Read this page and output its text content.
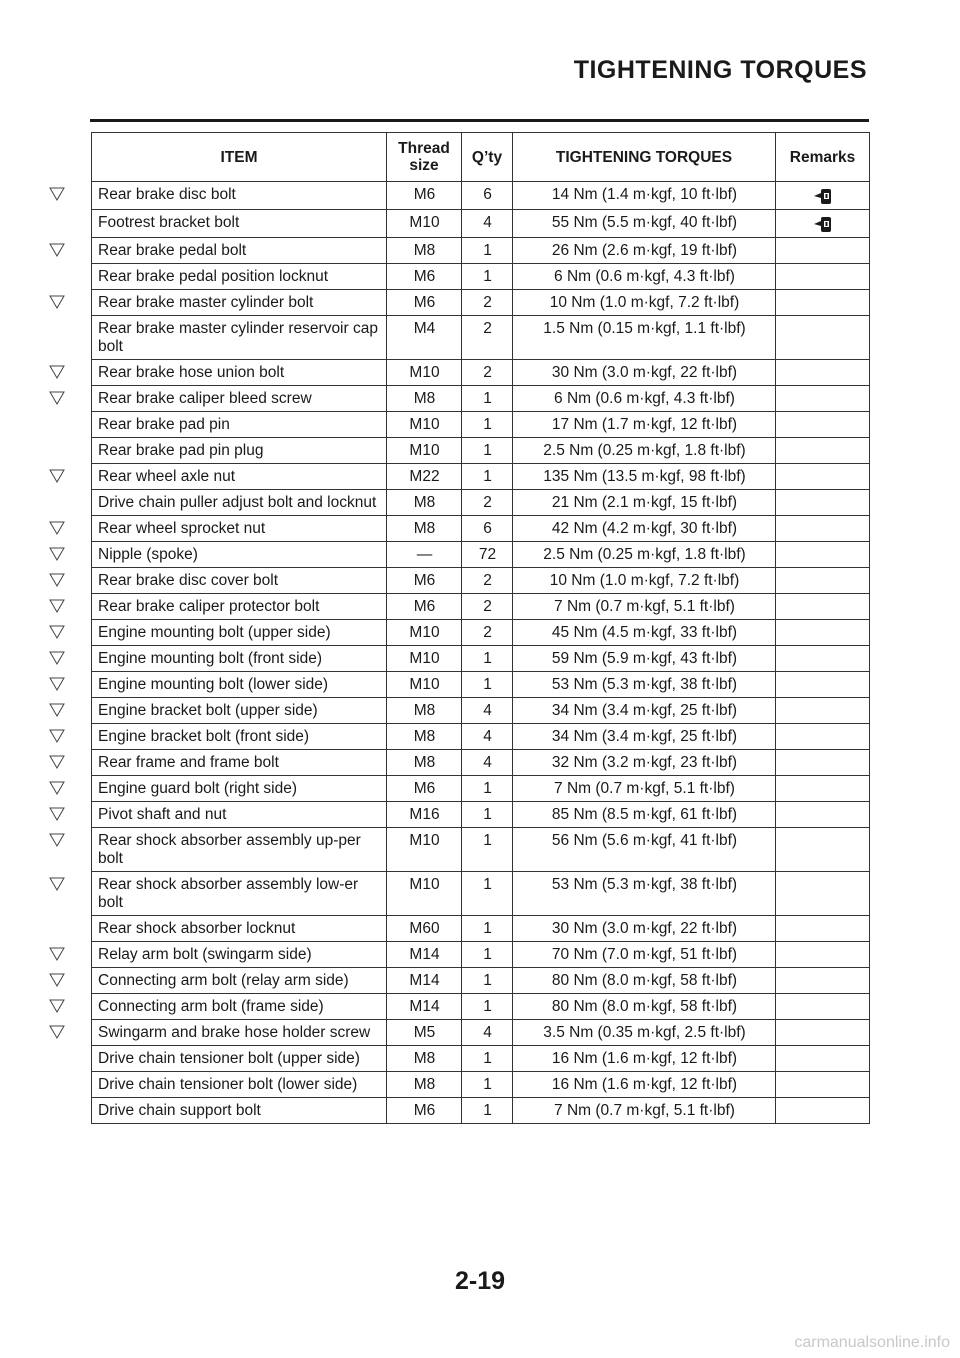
TIGHTENING TORQUES
ITEM	Thread size	Q’ty	TIGHTENING TORQUES	Remarks

Rear brake disc bolt	M6	6	14 Nm (1.4 m·kgf, 10 ft·lbf)	
Footrest bracket bolt	M10	4	55 Nm (5.5 m·kgf, 40 ft·lbf)	

Rear brake pedal bolt	M8	1	26 Nm (2.6 m·kgf, 19 ft·lbf)	
Rear brake pedal position locknut	M6	1	6 Nm (0.6 m·kgf, 4.3 ft·lbf)	

Rear brake master cylinder bolt	M6	2	10 Nm (1.0 m·kgf, 7.2 ft·lbf)	
Rear brake master cylinder reservoir cap bolt	M4	2	1.5 Nm (0.15 m·kgf, 1.1 ft·lbf)	

Rear brake hose union bolt	M10	2	30 Nm (3.0 m·kgf, 22 ft·lbf)	

Rear brake caliper bleed screw	M8	1	6 Nm (0.6 m·kgf, 4.3 ft·lbf)	
Rear brake pad pin	M10	1	17 Nm (1.7 m·kgf, 12 ft·lbf)	
Rear brake pad pin plug	M10	1	2.5 Nm (0.25 m·kgf, 1.8 ft·lbf)	

Rear wheel axle nut	M22	1	135 Nm (13.5 m·kgf, 98 ft·lbf)	
Drive chain puller adjust bolt and locknut	M8	2	21 Nm (2.1 m·kgf, 15 ft·lbf)	

Rear wheel sprocket nut	M8	6	42 Nm (4.2 m·kgf, 30 ft·lbf)	

Nipple (spoke)	—	72	2.5 Nm (0.25 m·kgf, 1.8 ft·lbf)	

Rear brake disc cover bolt	M6	2	10 Nm (1.0 m·kgf, 7.2 ft·lbf)	

Rear brake caliper protector bolt	M6	2	7 Nm (0.7 m·kgf, 5.1 ft·lbf)	

Engine mounting bolt (upper side)	M10	2	45 Nm (4.5 m·kgf, 33 ft·lbf)	

Engine mounting bolt (front side)	M10	1	59 Nm (5.9 m·kgf, 43 ft·lbf)	

Engine mounting bolt (lower side)	M10	1	53 Nm (5.3 m·kgf, 38 ft·lbf)	

Engine bracket bolt (upper side)	M8	4	34 Nm (3.4 m·kgf, 25 ft·lbf)	

Engine bracket bolt (front side)	M8	4	34 Nm (3.4 m·kgf, 25 ft·lbf)	

Rear frame and frame bolt	M8	4	32 Nm (3.2 m·kgf, 23 ft·lbf)	

Engine guard bolt (right side)	M6	1	7 Nm (0.7 m·kgf, 5.1 ft·lbf)	

Pivot shaft and nut	M16	1	85 Nm (8.5 m·kgf, 61 ft·lbf)	

Rear shock absorber assembly up-per bolt	M10	1	56 Nm (5.6 m·kgf, 41 ft·lbf)	

Rear shock absorber assembly low-er bolt	M10	1	53 Nm (5.3 m·kgf, 38 ft·lbf)	
Rear shock absorber locknut	M60	1	30 Nm (3.0 m·kgf, 22 ft·lbf)	

Relay arm bolt (swingarm side)	M14	1	70 Nm (7.0 m·kgf, 51 ft·lbf)	

Connecting arm bolt (relay arm side)	M14	1	80 Nm (8.0 m·kgf, 58 ft·lbf)	

Connecting arm bolt (frame side)	M14	1	80 Nm (8.0 m·kgf, 58 ft·lbf)	

Swingarm and brake hose holder screw	M5	4	3.5 Nm (0.35 m·kgf, 2.5 ft·lbf)	
Drive chain tensioner bolt (upper side)	M8	1	16 Nm (1.6 m·kgf, 12 ft·lbf)	
Drive chain tensioner bolt (lower side)	M8	1	16 Nm (1.6 m·kgf, 12 ft·lbf)	
Drive chain support bolt	M6	1	7 Nm (0.7 m·kgf, 5.1 ft·lbf)	
2-19
carmanualsonline.info
